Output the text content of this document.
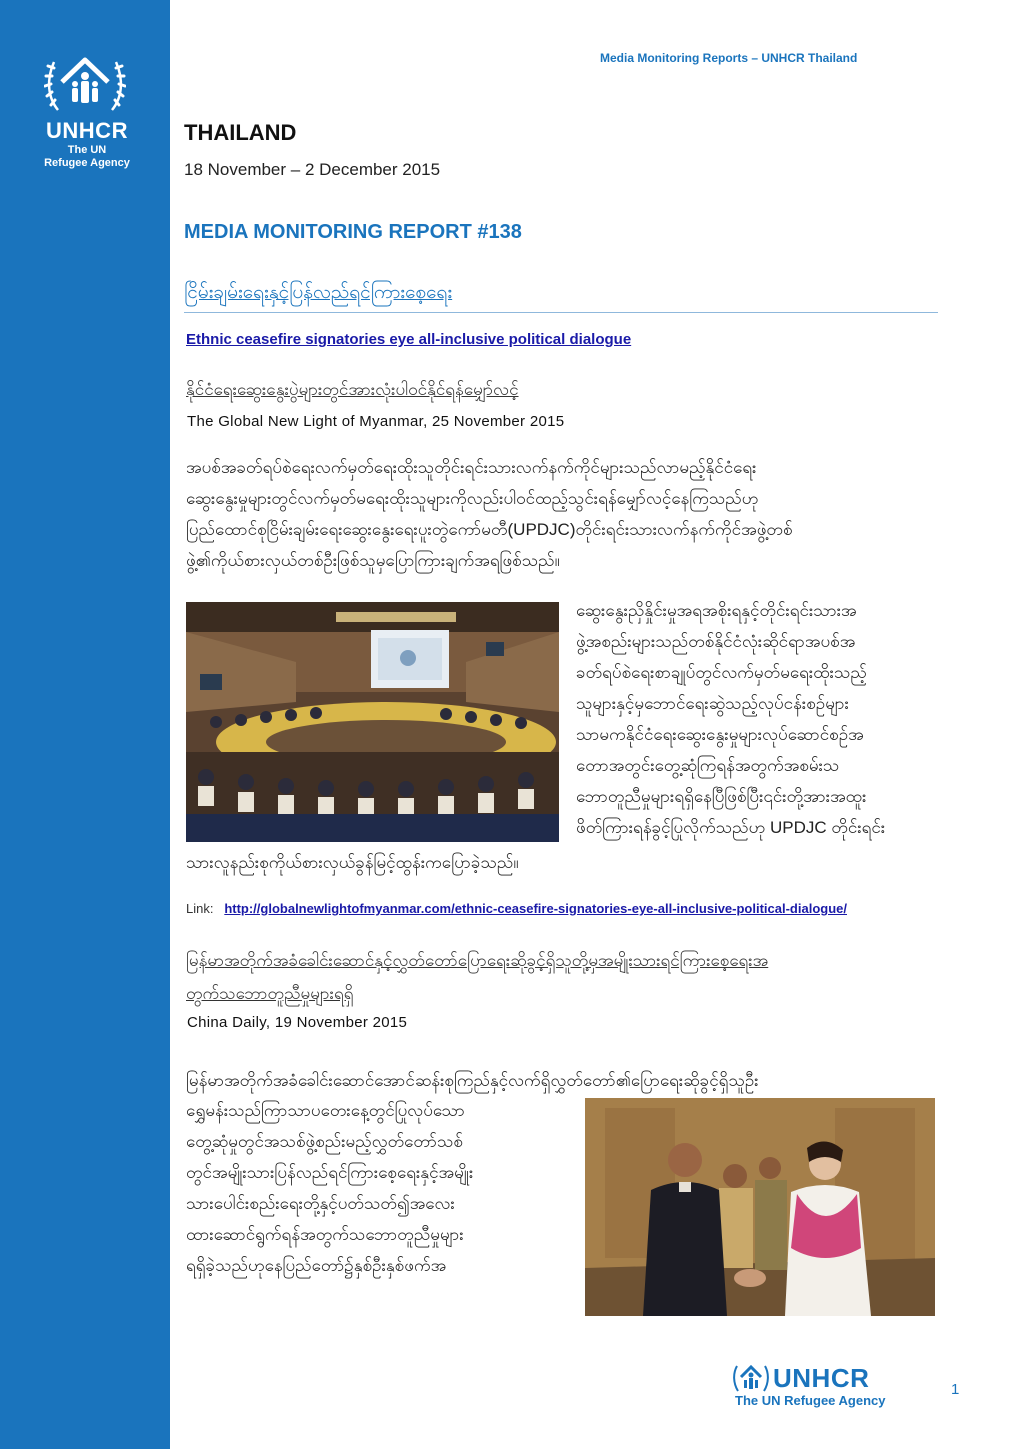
UNHCR
The UN
Refugee Agency
Media Monitoring Reports – UNHCR Thailand
THAILAND
18 November – 2 December 2015
MEDIA MONITORING REPORT #138
ငြိမ်းချမ်းရေးနှင့်ပြန်လည်ရင်ကြားစေ့ရေး
Ethnic ceasefire signatories eye all-inclusive political dialogue
နိုင်ငံရေးဆွေးနွေးပွဲများတွင်အားလုံးပါဝင်နိုင်ရန်မျှော်လင့်
The Global New Light of Myanmar, 25 November 2015
အပစ်အခတ်ရပ်စဲရေးလက်မှတ်ရေးထိုးသူတိုင်းရင်းသားလက်နက်ကိုင်များသည်လာမည့်နိုင်ငံရေး
ဆွေးနွေးမှုများတွင်လက်မှတ်မရေးထိုးသူများကိုလည်းပါဝင်ထည့်သွင်းရန်မျှော်လင့်နေကြသည်ဟု
ပြည်ထောင်စုငြိမ်းချမ်းရေးဆွေးနွေးရေးပူးတွဲကော်မတီ(UPDJC)တိုင်းရင်းသားလက်နက်ကိုင်အဖွဲ့တစ်
ဖွဲ့၏ကိုယ်စားလှယ်တစ်ဦးဖြစ်သူမှပြောကြားချက်အရဖြစ်သည်။
ဆွေးနွေးညှိနှိုင်းမှုအရအစိုးရနှင့်တိုင်းရင်းသားအ
ဖွဲ့အစည်းများသည်တစ်နိုင်ငံလုံးဆိုင်ရာအပစ်အ
ခတ်ရပ်စဲရေးစာချုပ်တွင်လက်မှတ်မရေးထိုးသည့်
သူများနှင့်မှဘောင်ရေးဆွဲသည့်လုပ်ငန်းစဉ်များ
သာမကနိုင်ငံရေးဆွေးနွေးမှုများလုပ်ဆောင်စဉ်အ
တောအတွင်းတွေ့ဆုံကြရန်အတွက်အစမ်းသ
ဘောတူညီမှုများရရှိနေပြီဖြစ်ပြီး၎င်းတို့အားအထူး
ဖိတ်ကြားရန်ခွင့်ပြုလိုက်သည်ဟု UPDJC တိုင်းရင်း
သားလူနည်းစုကိုယ်စားလှယ်ခွန်မြင့်ထွန်းကပြောခဲ့သည်။
Link: http://globalnewlightofmyanmar.com/ethnic-ceasefire-signatories-eye-all-inclusive-political-dialogue/
မြန်မာအတိုက်အခံခေါင်းဆောင်နှင့်လွှတ်တော်ပြောရေးဆိုခွင့်ရှိသူတို့မှအမျိုးသားရင်ကြားစေ့ရေးအ
တွက်သဘောတူညီမှုများရရှိ
China Daily, 19 November 2015
မြန်မာအတိုက်အခံခေါင်းဆောင်အောင်ဆန်းစုကြည်နှင့်လက်ရှိလွှတ်တော်၏ပြောရေးဆိုခွင့်ရှိသူဦး
ရွှေမန်းသည်ကြာသာပတေးနေ့တွင်ပြုလုပ်သော
တွေ့ဆုံမှုတွင်အသစ်ဖွဲ့စည်းမည့်လွှတ်တော်သစ်
တွင်အမျိုးသားပြန်လည်ရင်ကြားစေ့ရေးနှင့်အမျိုး
သားပေါင်းစည်းရေးတို့နှင့်ပတ်သတ်၍အလေး
ထားဆောင်ရွက်ရန်အတွက်သဘောတူညီမှုများ
ရရှိခဲ့သည်ဟုနေပြည်တော်၌နှစ်ဦးနှစ်ဖက်အ
UNHCR
The UN Refugee Agency
1
